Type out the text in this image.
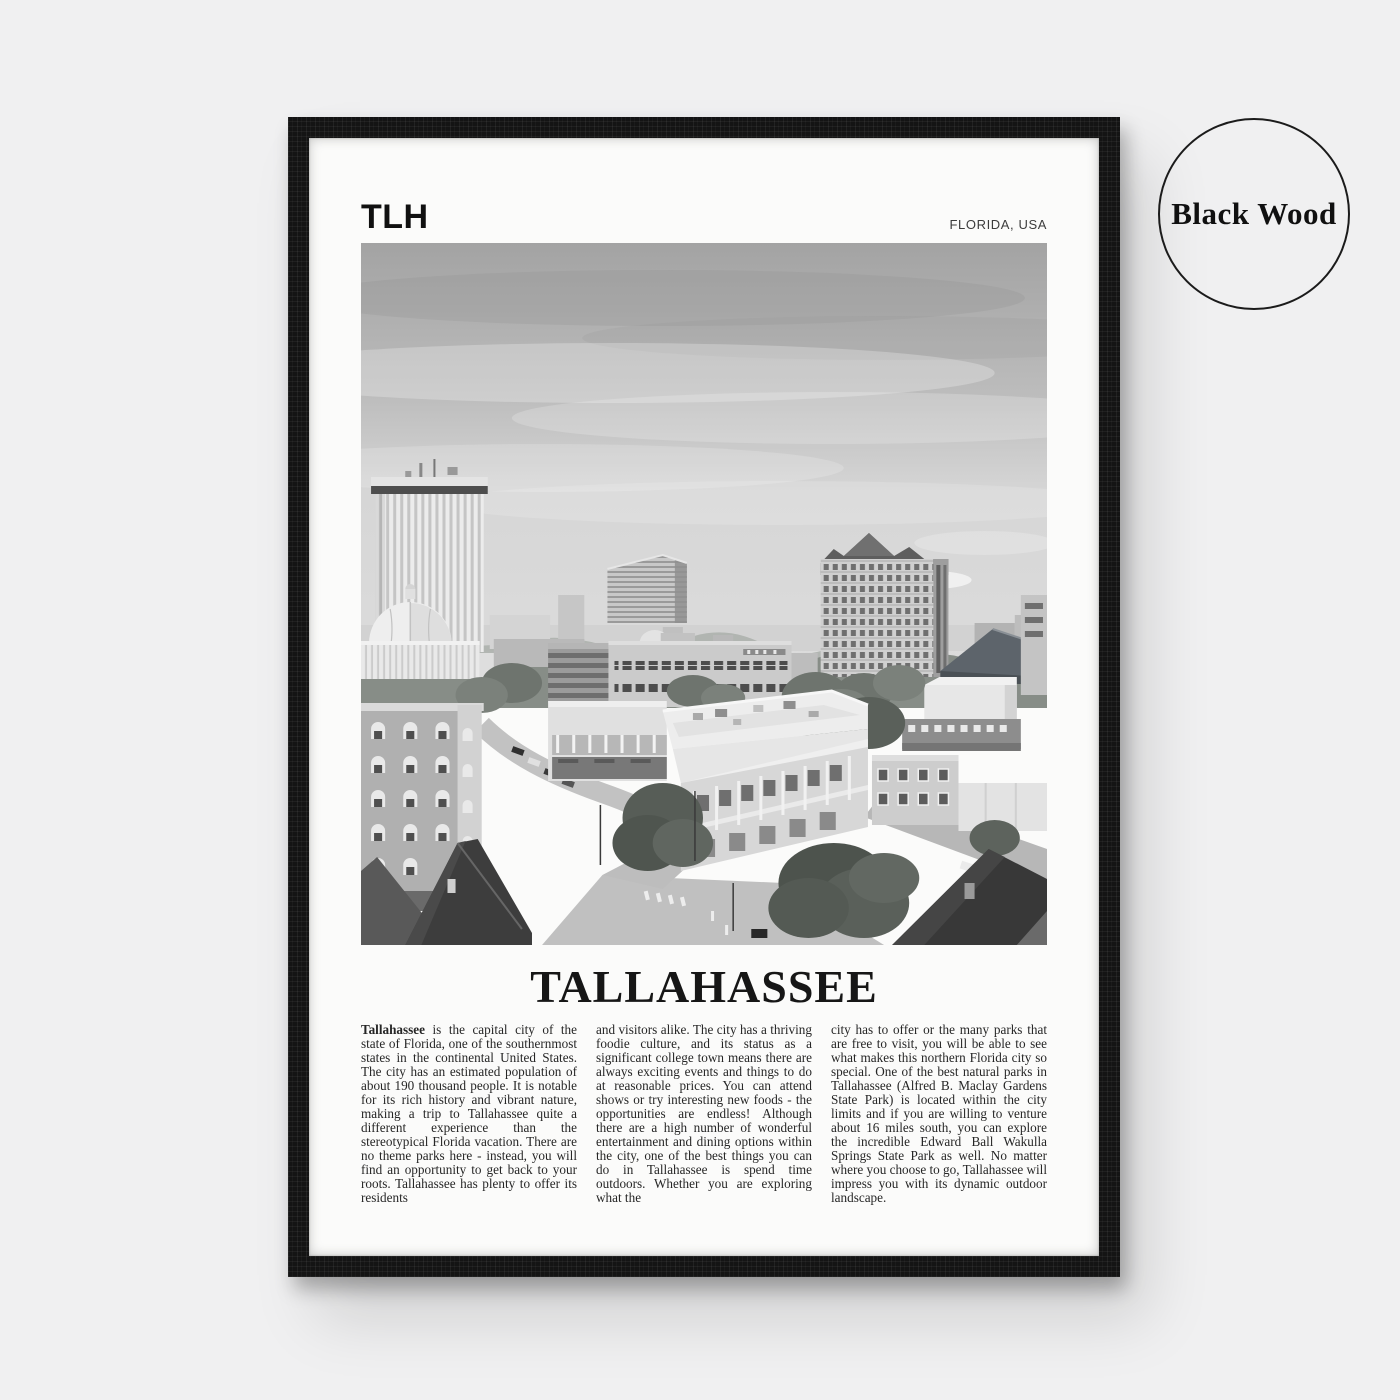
TLH	FLORIDA, USA
TALLAHASSEE
Tallahassee is the capital city of the state of Florida, one of the southernmost states in the continental United States. The city has an estimated population of about 190 thousand people. It is notable for its rich history and vibrant nature, making a trip to Tallahassee quite a different experience than the stereotypical Florida vacation. There are no theme parks here - instead, you will find an opportunity to get back to your roots. Tallahassee has plenty to offer its residents
and visitors alike. The city has a thriving foodie culture, and its status as a significant college town means there are always exciting events and things to do at reasonable prices. You can attend shows or try interesting new foods - the opportunities are endless! Although there are a high number of wonderful entertainment and dining options within the city, one of the best things you can do in Tallahassee is spend time outdoors. Whether you are exploring what the
city has to offer or the many parks that are free to visit, you will be able to see what makes this northern Florida city so special. One of the best natural parks in Tallahassee (Alfred B. Maclay Gardens State Park) is located within the city limits and if you are willing to venture about 16 miles south, you can explore the incredible Edward Ball Wakulla Springs State Park as well. No matter where you choose to go, Tallahassee will impress you with its dynamic outdoor landscape.
Black Wood
